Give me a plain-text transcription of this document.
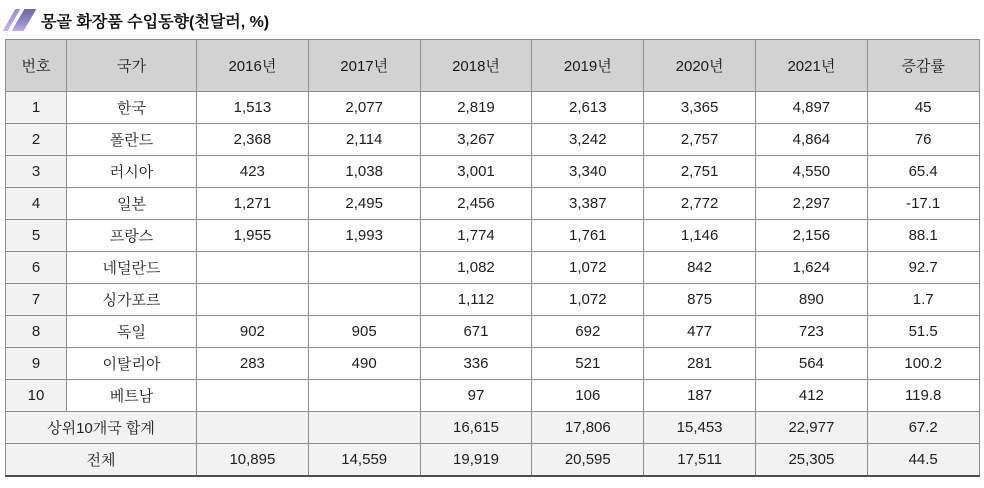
몽골 화장품 수입동향(천달러, %)
번호	국가	2016년	2017년	2018년	2019년	2020년	2021년	증감률
1	한국	1,513	2,077	2,819	2,613	3,365	4,897	45
2	폴란드	2,368	2,114	3,267	3,242	2,757	4,864	76
3	러시아	423	1,038	3,001	3,340	2,751	4,550	65.4
4	일본	1,271	2,495	2,456	3,387	2,772	2,297	-17.1
5	프랑스	1,955	1,993	1,774	1,761	1,146	2,156	88.1
6	네덜란드			1,082	1,072	842	1,624	92.7
7	싱가포르			1,112	1,072	875	890	1.7
8	독일	902	905	671	692	477	723	51.5
9	이탈리아	283	490	336	521	281	564	100.2
10	베트남			97	106	187	412	119.8
상위10개국 합계				16,615	17,806	15,453	22,977	67.2
전체		10,895	14,559	19,919	20,595	17,511	25,305	44.5
